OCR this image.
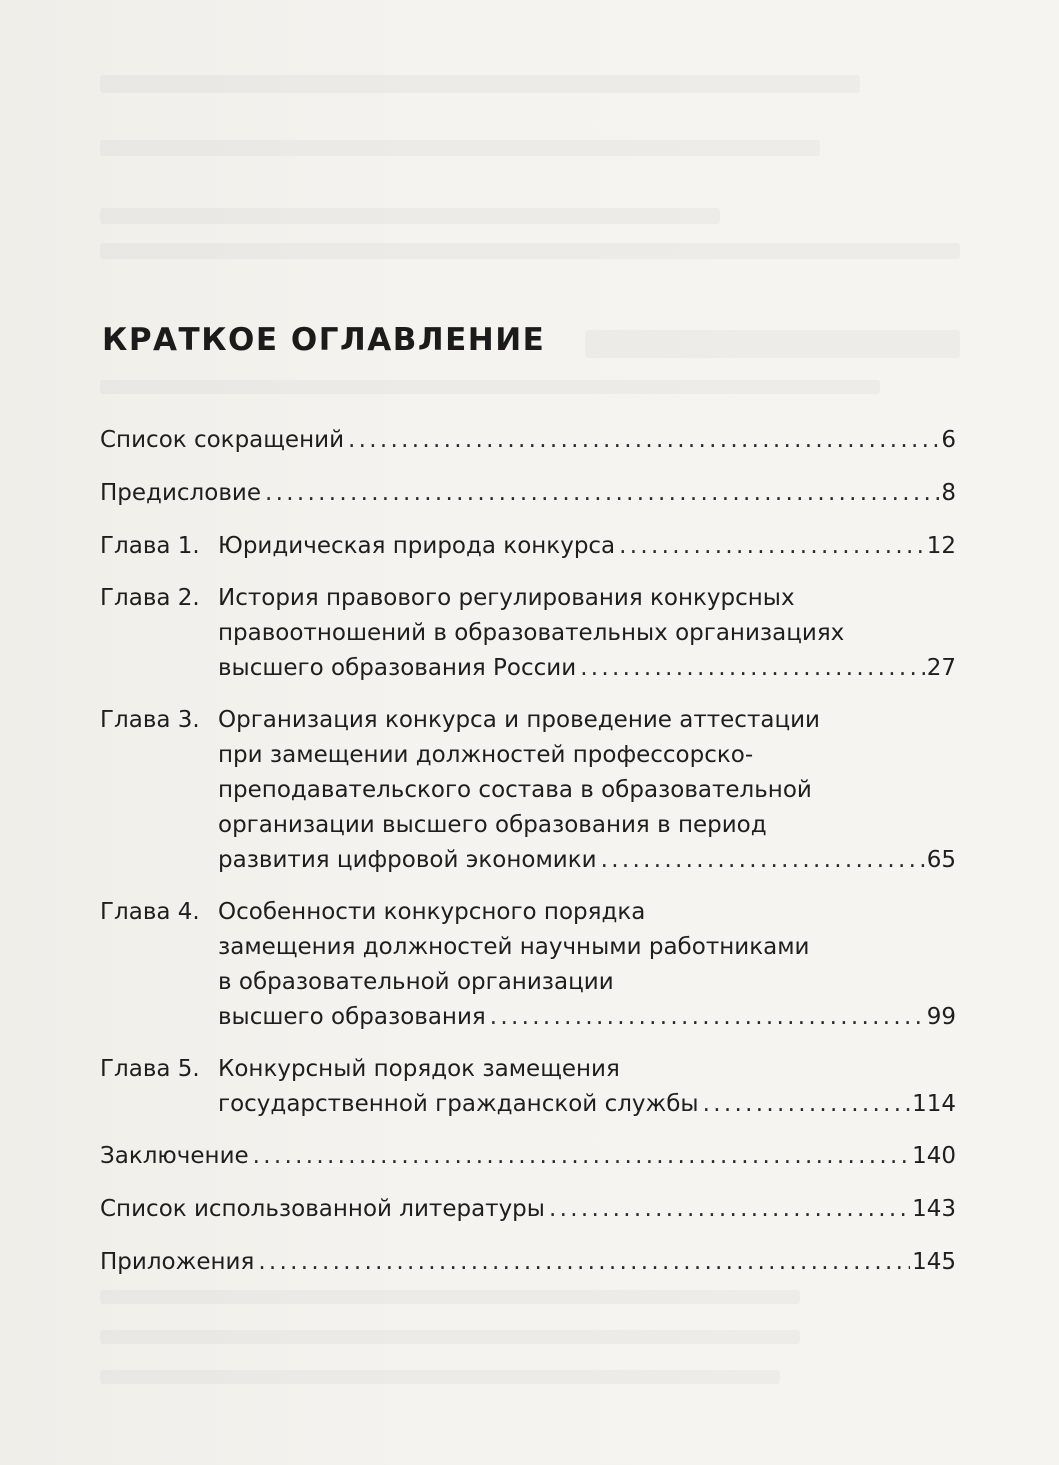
КРАТКОЕ ОГЛАВЛЕНИЕ
Список сокращений . . .	6
Предисловие . . .	8
Глава 1. Юридическая природа конкурса . . .	12
Глава 2. История правового регулирования конкурсных
правоотношений в образовательных организациях
высшего образования России . . .	27
Глава 3. Организация конкурса и проведение аттестации
при замещении должностей профессорско-
преподавательского состава в образовательной
организации высшего образования в период
развития цифровой экономики . . .	65
Глава 4. Особенности конкурсного порядка
замещения должностей научными работниками
в образовательной организации
высшего образования . . .	99
Глава 5. Конкурсный порядок замещения
государственной гражданской службы . . .	114
Заключение . . .	140
Список использованной литературы . . .	143
Приложения . . .	145
